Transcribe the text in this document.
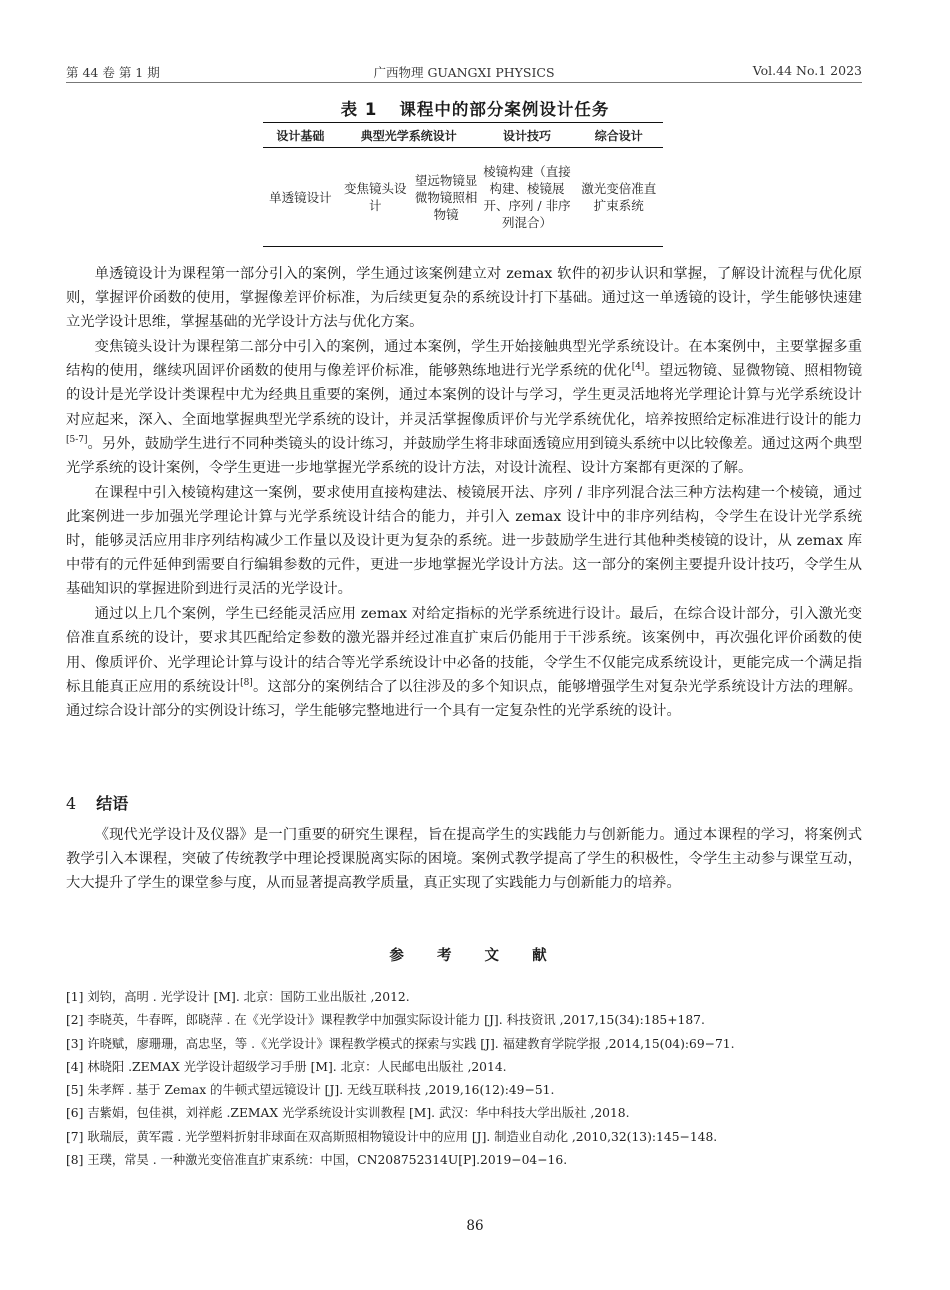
第 44 卷 第 1 期	广西物理 GUANGXI PHYSICS	Vol.44 No.1 2023
表 1 课程中的部分案例设计任务
设计基础	典型光学系统设计		设计技巧	综合设计
单透镜设计	变焦镜头设计	望远物镜显微物镜照相物镜	棱镜构建（直接构建、棱镜展开、序列 / 非序列混合）	激光变倍准直扩束系统

单透镜设计为课程第一部分引入的案例，学生通过该案例建立对 zemax 软件的初步认识和掌握，了解设计流程与优化原则，掌握评价函数的使用，掌握像差评价标准，为后续更复杂的系统设计打下基础。通过这一单透镜的设计，学生能够快速建立光学设计思维，掌握基础的光学设计方法与优化方案。

变焦镜头设计为课程第二部分中引入的案例，通过本案例，学生开始接触典型光学系统设计。在本案例中，主要掌握多重结构的使用，继续巩固评价函数的使用与像差评价标准，能够熟练地进行光学系统的优化[4]。望远物镜、显微物镜、照相物镜的设计是光学设计类课程中尤为经典且重要的案例，通过本案例的设计与学习，学生更灵活地将光学理论计算与光学系统设计对应起来，深入、全面地掌握典型光学系统的设计，并灵活掌握像质评价与光学系统优化，培养按照给定标准进行设计的能力[5-7]。另外，鼓励学生进行不同种类镜头的设计练习，并鼓励学生将非球面透镜应用到镜头系统中以比较像差。通过这两个典型光学系统的设计案例，令学生更进一步地掌握光学系统的设计方法，对设计流程、设计方案都有更深的了解。

在课程中引入棱镜构建这一案例，要求使用直接构建法、棱镜展开法、序列 / 非序列混合法三种方法构建一个棱镜，通过此案例进一步加强光学理论计算与光学系统设计结合的能力，并引入 zemax 设计中的非序列结构，令学生在设计光学系统时，能够灵活应用非序列结构减少工作量以及设计更为复杂的系统。进一步鼓励学生进行其他种类棱镜的设计，从 zemax 库中带有的元件延伸到需要自行编辑参数的元件，更进一步地掌握光学设计方法。这一部分的案例主要提升设计技巧，令学生从基础知识的掌握进阶到进行灵活的光学设计。

通过以上几个案例，学生已经能灵活应用 zemax 对给定指标的光学系统进行设计。最后，在综合设计部分，引入激光变倍准直系统的设计，要求其匹配给定参数的激光器并经过准直扩束后仍能用于干涉系统。该案例中，再次强化评价函数的使用、像质评价、光学理论计算与设计的结合等光学系统设计中必备的技能，令学生不仅能完成系统设计，更能完成一个满足指标且能真正应用的系统设计[8]。这部分的案例结合了以往涉及的多个知识点，能够增强学生对复杂光学系统设计方法的理解。通过综合设计部分的实例设计练习，学生能够完整地进行一个具有一定复杂性的光学系统的设计。

4 结语

《现代光学设计及仪器》是一门重要的研究生课程，旨在提高学生的实践能力与创新能力。通过本课程的学习，将案例式教学引入本课程，突破了传统教学中理论授课脱离实际的困境。案例式教学提高了学生的积极性，令学生主动参与课堂互动，大大提升了学生的课堂参与度，从而显著提高教学质量，真正实现了实践能力与创新能力的培养。

参 考 文 献
[1] 刘钧，高明 . 光学设计 [M]. 北京：国防工业出版社 ,2012.
[2] 李晓英，牛春晖，郎晓萍 . 在《光学设计》课程教学中加强实际设计能力 [J]. 科技资讯 ,2017,15(34):185+187.
[3] 许晓赋，廖珊珊，高忠坚，等 .《光学设计》课程教学模式的探索与实践 [J]. 福建教育学院学报 ,2014,15(04):69−71.
[4] 林晓阳 .ZEMAX 光学设计超级学习手册 [M]. 北京：人民邮电出版社 ,2014.
[5] 朱孝辉 . 基于 Zemax 的牛顿式望远镜设计 [J]. 无线互联科技 ,2019,16(12):49−51.
[6] 吉紫娟，包佳祺，刘祥彪 .ZEMAX 光学系统设计实训教程 [M]. 武汉：华中科技大学出版社 ,2018.
[7] 耿瑞辰，黄军霞 . 光学塑料折射非球面在双高斯照相物镜设计中的应用 [J]. 制造业自动化 ,2010,32(13):145−148.
[8] 王璞，常昊 . 一种激光变倍准直扩束系统：中国，CN208752314U[P].2019−04−16.
86
